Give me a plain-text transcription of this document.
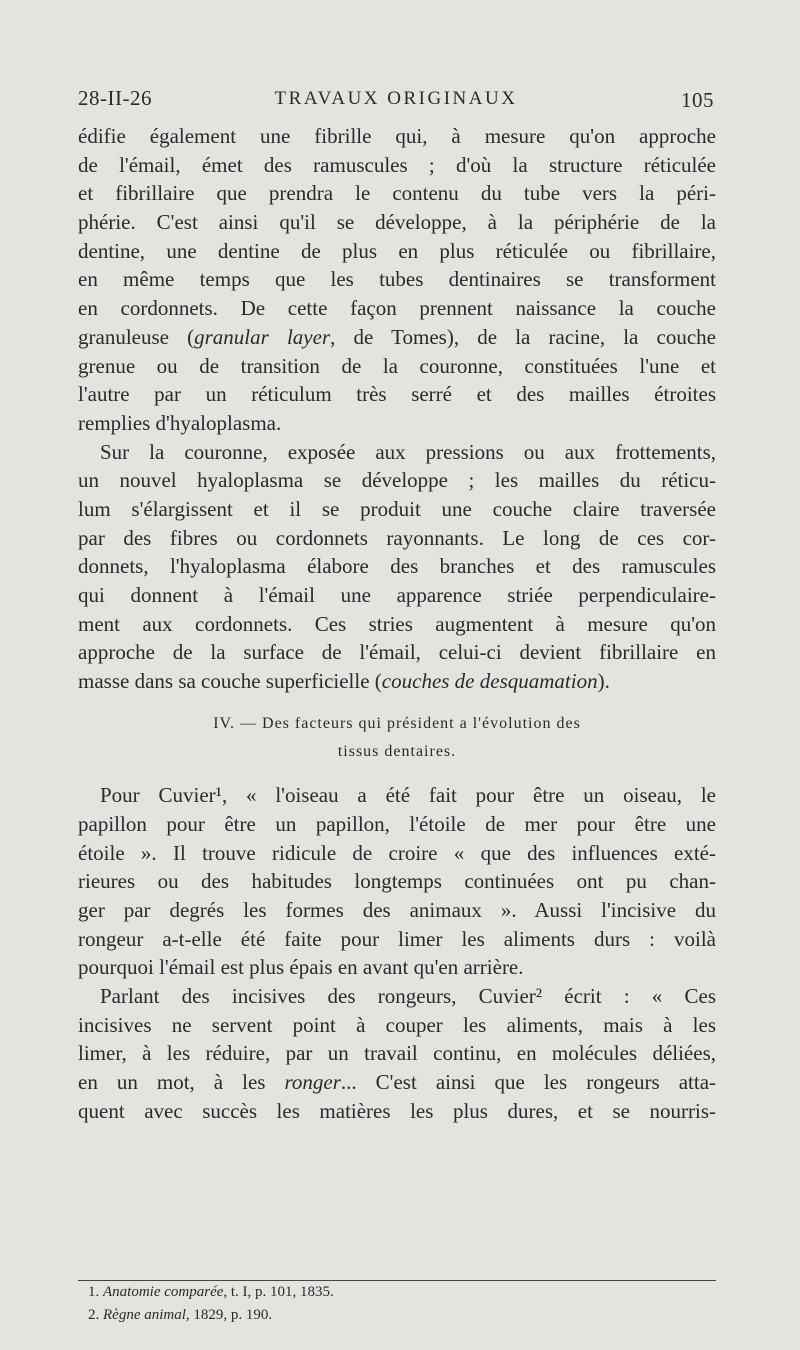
28-II-26	TRAVAUX ORIGINAUX	105
édifie également une fibrille qui, à mesure qu'on approche
de l'émail, émet des ramuscules ; d'où la structure réticulée
et fibrillaire que prendra le contenu du tube vers la péri-
phérie. C'est ainsi qu'il se développe, à la périphérie de la
dentine, une dentine de plus en plus réticulée ou fibrillaire,
en même temps que les tubes dentinaires se transforment
en cordonnets. De cette façon prennent naissance la couche
granuleuse (granular layer, de Tomes), de la racine, la couche
grenue ou de transition de la couronne, constituées l'une et
l'autre par un réticulum très serré et des mailles étroites
remplies d'hyaloplasma.
Sur la couronne, exposée aux pressions ou aux frottements,
un nouvel hyaloplasma se développe ; les mailles du réticu-
lum s'élargissent et il se produit une couche claire traversée
par des fibres ou cordonnets rayonnants. Le long de ces cor-
donnets, l'hyaloplasma élabore des branches et des ramuscules
qui donnent à l'émail une apparence striée perpendiculaire-
ment aux cordonnets. Ces stries augmentent à mesure qu'on
approche de la surface de l'émail, celui-ci devient fibrillaire en
masse dans sa couche superficielle (couches de desquamation).
IV. — Des facteurs qui président a l'évolution des
tissus dentaires.
Pour Cuvier¹, « l'oiseau a été fait pour être un oiseau, le
papillon pour être un papillon, l'étoile de mer pour être une
étoile ». Il trouve ridicule de croire « que des influences exté-
rieures ou des habitudes longtemps continuées ont pu chan-
ger par degrés les formes des animaux ». Aussi l'incisive du
rongeur a-t-elle été faite pour limer les aliments durs : voilà
pourquoi l'émail est plus épais en avant qu'en arrière.
Parlant des incisives des rongeurs, Cuvier² écrit : « Ces
incisives ne servent point à couper les aliments, mais à les
limer, à les réduire, par un travail continu, en molécules déliées,
en un mot, à les ronger... C'est ainsi que les rongeurs atta-
quent avec succès les matières les plus dures, et se nourris-
1. Anatomie comparée, t. I, p. 101, 1835.
2. Règne animal, 1829, p. 190.
